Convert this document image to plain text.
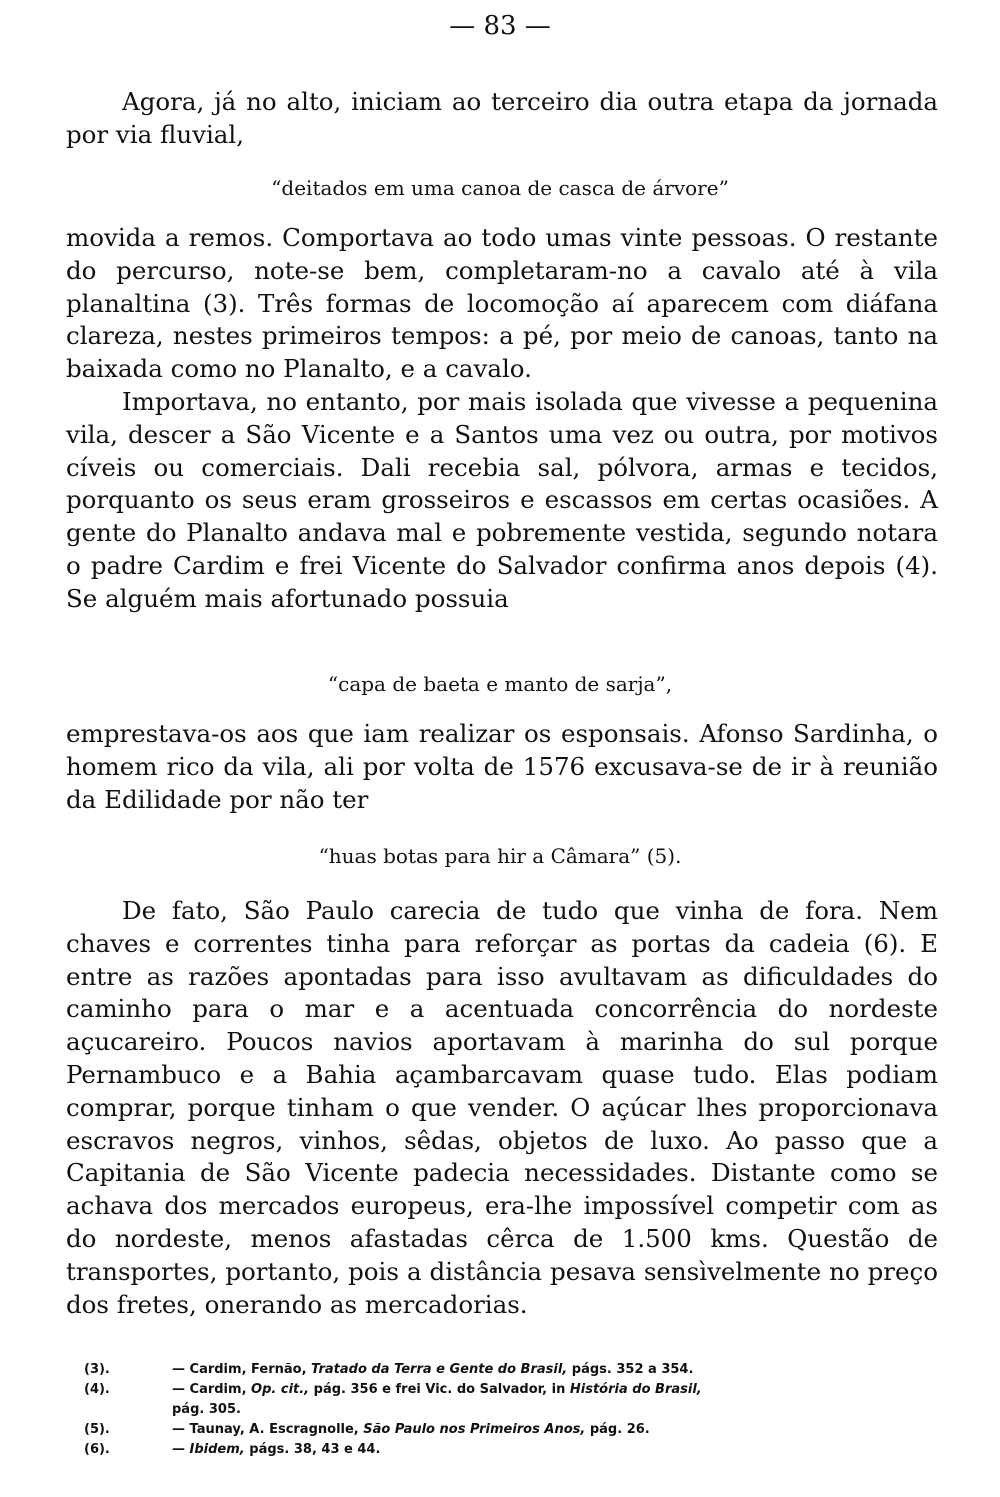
— 83 —

Agora, já no alto, iniciam ao terceiro dia outra etapa da jornada por via fluvial,

“deitados em uma canoa de casca de árvore”

movida a remos. Comportava ao todo umas vinte pessoas. O restante do percurso, note-se bem, completaram-no a cavalo até à vila planaltina (3). Três formas de locomoção aí aparecem com diáfana clareza, nestes primeiros tempos: a pé, por meio de canoas, tanto na baixada como no Planalto, e a cavalo.

Importava, no entanto, por mais isolada que vivesse a pequenina vila, descer a São Vicente e a Santos uma vez ou outra, por motivos cíveis ou comerciais. Dali recebia sal, pólvora, armas e tecidos, porquanto os seus eram grosseiros e escassos em certas ocasiões. A gente do Planalto andava mal e pobremente vestida, segundo notara o padre Cardim e frei Vicente do Salvador confirma anos depois (4). Se alguém mais afortunado possuia

“capa de baeta e manto de sarja”,

emprestava-os aos que iam realizar os esponsais. Afonso Sardinha, o homem rico da vila, ali por volta de 1576 excusava-se de ir à reunião da Edilidade por não ter

“huas botas para hir a Câmara” (5).

De fato, São Paulo carecia de tudo que vinha de fora. Nem chaves e correntes tinha para reforçar as portas da cadeia (6). E entre as razões apontadas para isso avultavam as dificuldades do caminho para o mar e a acentuada concorrência do nordeste açucareiro. Poucos navios aportavam à marinha do sul porque Pernambuco e a Bahia açambarcavam quase tudo. Elas podiam comprar, porque tinham o que vender. O açúcar lhes proporcionava escravos negros, vinhos, sêdas, objetos de luxo. Ao passo que a Capitania de São Vicente padecia necessidades. Distante como se achava dos mercados europeus, era-lhe impossível competir com as do nordeste, menos afastadas cêrca de 1.500 kms. Questão de transportes, portanto, pois a distância pesava sensìvelmente no preço dos fretes, onerando as mercadorias.

(3).	— Cardim, Fernão, Tratado da Terra e Gente do Brasil, págs. 352 a 354.
(4).	— Cardim, Op. cit., pág. 356 e frei Vic. do Salvador, in História do Brasil,
pág. 305.
(5).	— Taunay, A. Escragnolle, São Paulo nos Primeiros Anos, pág. 26.
(6).	— Ibidem, págs. 38, 43 e 44.
